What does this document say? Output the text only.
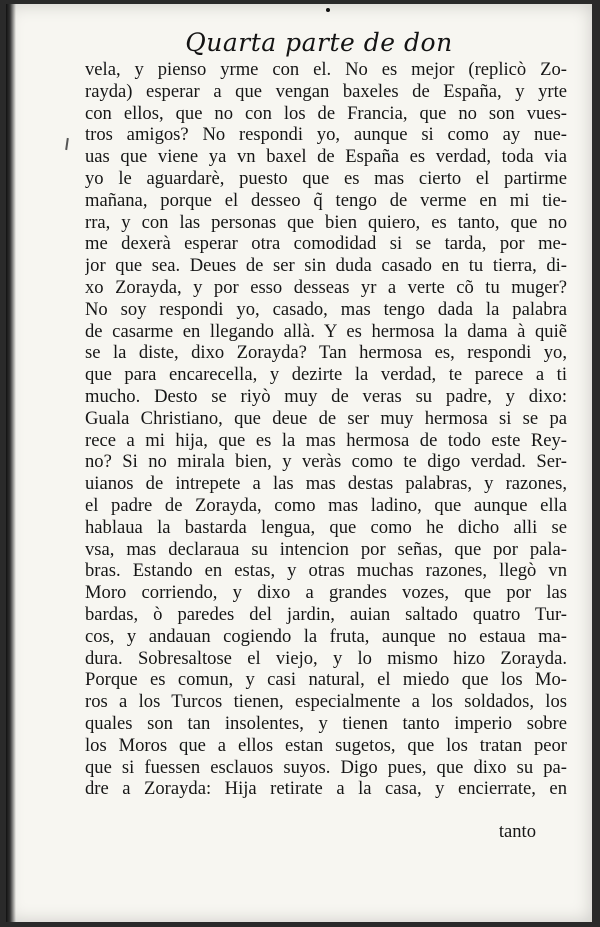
Quarta parte de don
vela, y pienso yrme con el. No es mejor (replicò Zo-
rayda) esperar a que vengan baxeles de España, y yrte
con ellos, que no con los de Francia, que no son vues-
tros amigos? No respondi yo, aunque si como ay nue-
uas que viene ya vn baxel de España es verdad, toda via
yo le aguardarè, puesto que es mas cierto el partirme
mañana, porque el desseo q̃ tengo de verme en mi tie-
rra, y con las personas que bien quiero, es tanto, que no
me dexerà esperar otra comodidad si se tarda, por me-
jor que sea. Deues de ser sin duda casado en tu tierra, di-
xo Zorayda, y por esso desseas yr a verte cõ tu muger?
No soy respondi yo, casado, mas tengo dada la palabra
de casarme en llegando allà. Y es hermosa la dama à quiẽ
se la diste, dixo Zorayda? Tan hermosa es, respondi yo,
que para encarecella, y dezirte la verdad, te parece a ti
mucho. Desto se riyò muy de veras su padre, y dixo:
Guala Christiano, que deue de ser muy hermosa si se pa
rece a mi hija, que es la mas hermosa de todo este Rey-
no? Si no mirala bien, y veràs como te digo verdad. Ser-
uianos de intrepete a las mas destas palabras, y razones,
el padre de Zorayda, como mas ladino, que aunque ella
hablaua la bastarda lengua, que como he dicho alli se
vsa, mas declaraua su intencion por señas, que por pala-
bras. Estando en estas, y otras muchas razones, llegò vn
Moro corriendo, y dixo a grandes vozes, que por las
bardas, ò paredes del jardin, auian saltado quatro Tur-
cos, y andauan cogiendo la fruta, aunque no estaua ma-
dura. Sobresaltose el viejo, y lo mismo hizo Zorayda.
Porque es comun, y casi natural, el miedo que los Mo-
ros a los Turcos tienen, especialmente a los soldados, los
quales son tan insolentes, y tienen tanto imperio sobre
los Moros que a ellos estan sugetos, que los tratan peor
que si fuessen esclauos suyos. Digo pues, que dixo su pa-
dre a Zorayda: Hija retirate a la casa, y encierrate, en
tanto
